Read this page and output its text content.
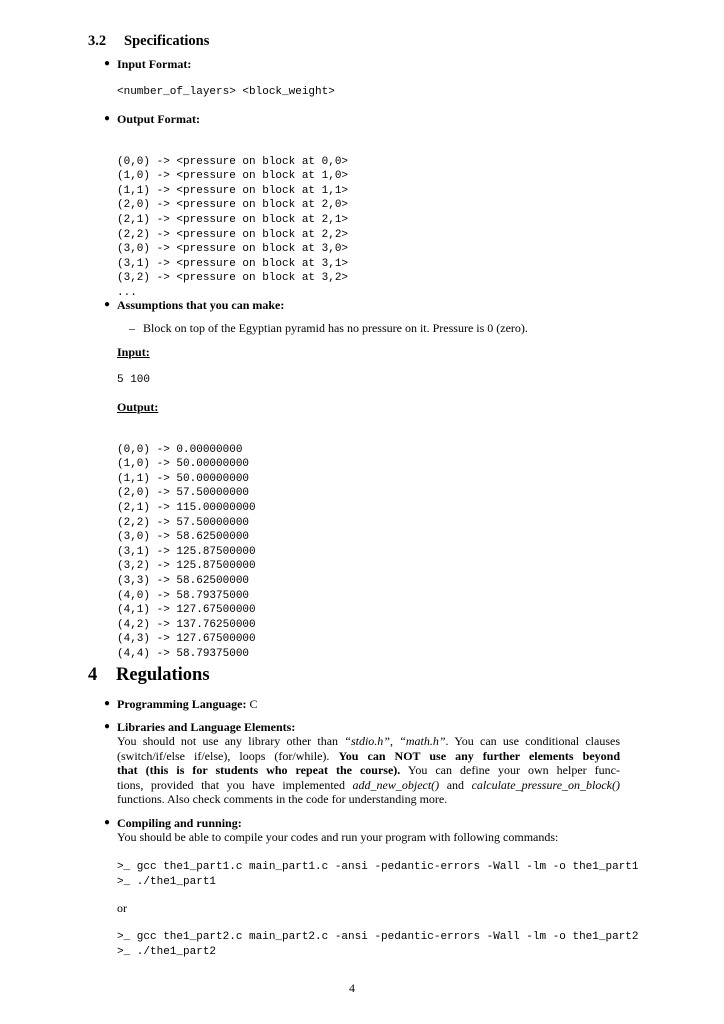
3.2 Specifications
● Input Format:
<number_of_layers> <block_weight>
● Output Format:

(0,0) -> <pressure on block at 0,0>
(1,0) -> <pressure on block at 1,0>
(1,1) -> <pressure on block at 1,1>
(2,0) -> <pressure on block at 2,0>
(2,1) -> <pressure on block at 2,1>
(2,2) -> <pressure on block at 2,2>
(3,0) -> <pressure on block at 3,0>
(3,1) -> <pressure on block at 3,1>
(3,2) -> <pressure on block at 3,2>
...

● Assumptions that you can make:
– Block on top of the Egyptian pyramid has no pressure on it. Pressure is 0 (zero).
Input:
5 100
Output:

(0,0) -> 0.00000000
(1,0) -> 50.00000000
(1,1) -> 50.00000000
(2,0) -> 57.50000000
(2,1) -> 115.00000000
(2,2) -> 57.50000000
(3,0) -> 58.62500000
(3,1) -> 125.87500000
(3,2) -> 125.87500000
(3,3) -> 58.62500000
(4,0) -> 58.79375000
(4,1) -> 127.67500000
(4,2) -> 137.76250000
(4,3) -> 127.67500000
(4,4) -> 58.79375000

4 Regulations
● Programming Language: C
● Libraries and Language Elements:
You should not use any library other than “stdio.h”, “math.h”. You can use conditional clauses
(switch/if/else if/else), loops (for/while). You can NOT use any further elements beyond
that (this is for students who repeat the course). You can define your own helper func-
tions, provided that you have implemented add_new_object() and calculate_pressure_on_block()
functions. Also check comments in the code for understanding more.
● Compiling and running:
You should be able to compile your codes and run your program with following commands:
>_ gcc the1_part1.c main_part1.c -ansi -pedantic-errors -Wall -lm -o the1_part1
>_ ./the1_part1
or
>_ gcc the1_part2.c main_part2.c -ansi -pedantic-errors -Wall -lm -o the1_part2
>_ ./the1_part2
4
